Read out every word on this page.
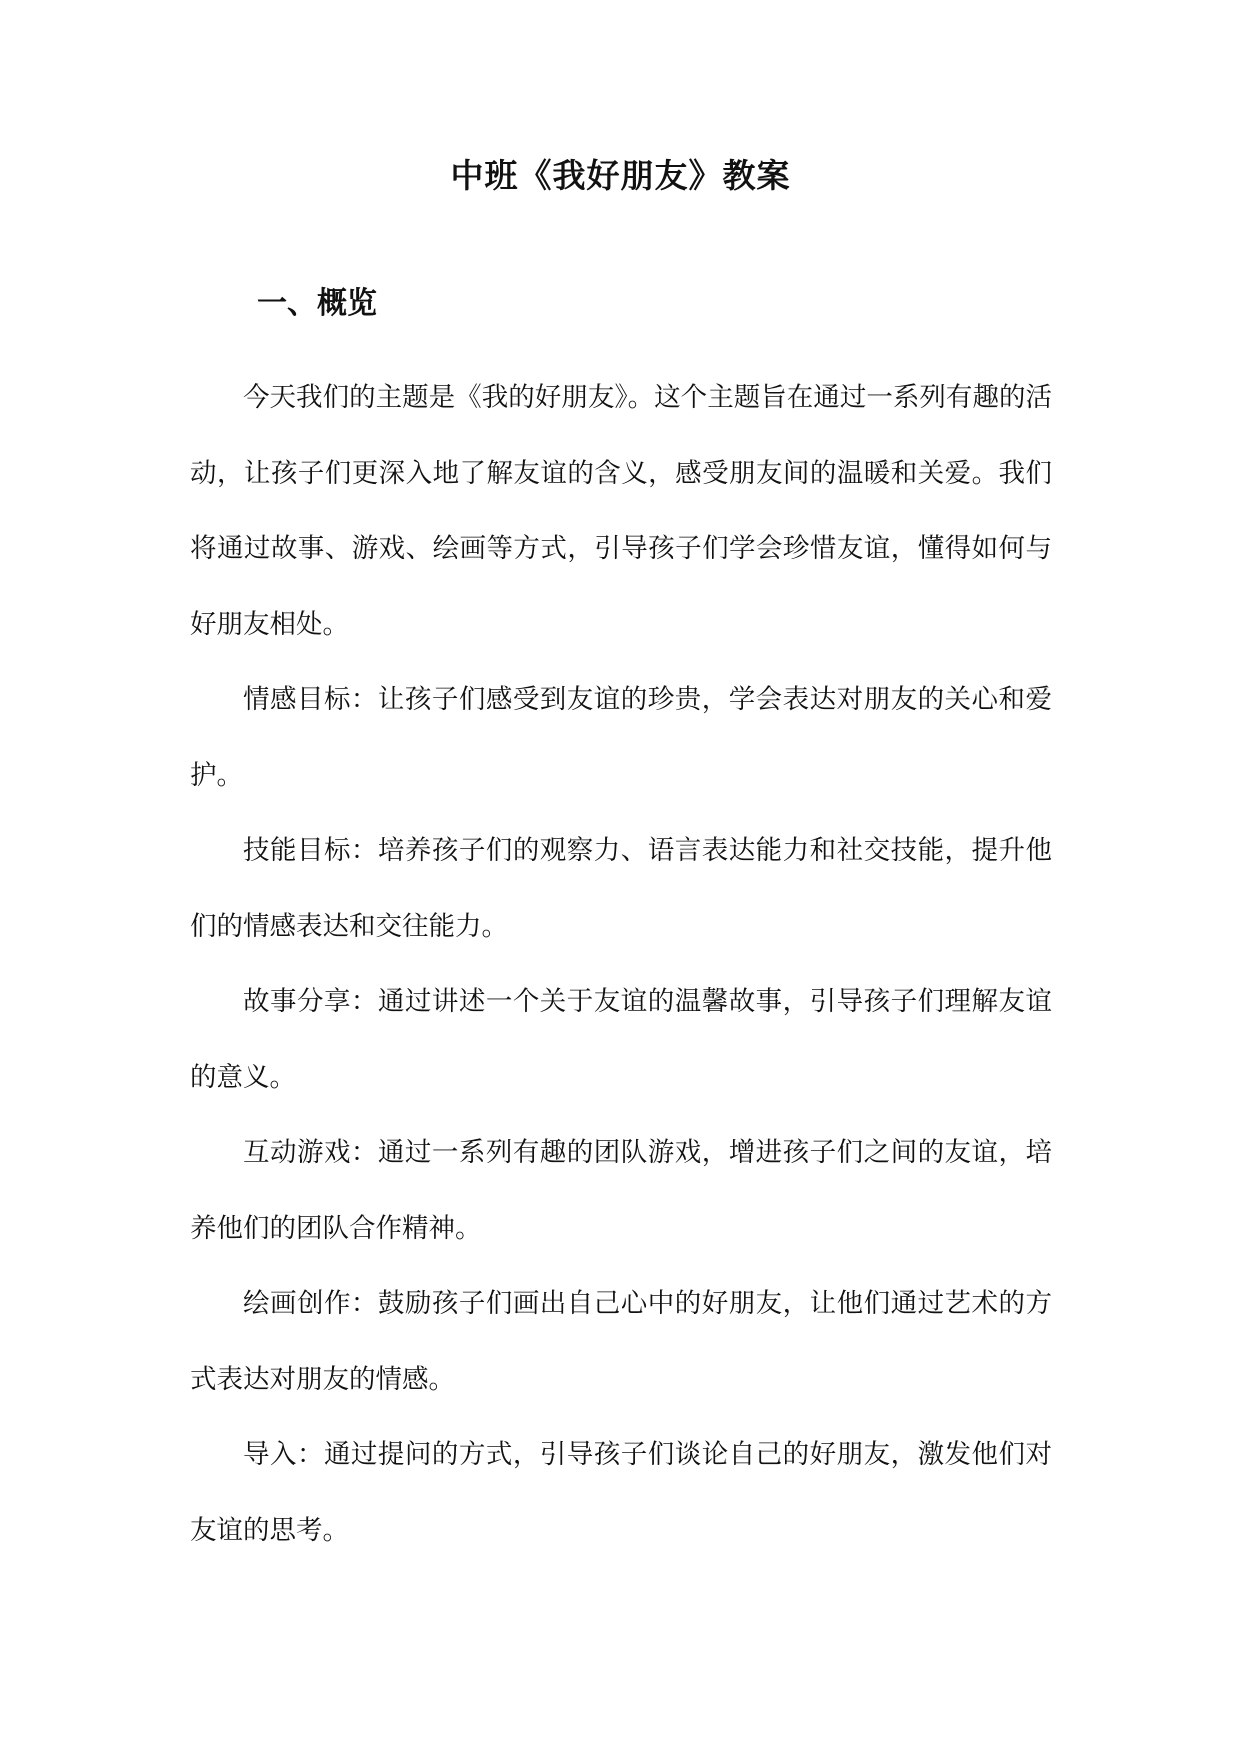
中班《我好朋友》教案
一、概览

今天我们的主题是《我的好朋友》。这个主题旨在通过一系列有趣的活动，让孩子们更深入地了解友谊的含义，感受朋友间的温暖和关爱。我们将通过故事、游戏、绘画等方式，引导孩子们学会珍惜友谊，懂得如何与好朋友相处。

情感目标：让孩子们感受到友谊的珍贵，学会表达对朋友的关心和爱护。

技能目标：培养孩子们的观察力、语言表达能力和社交技能，提升他们的情感表达和交往能力。

故事分享：通过讲述一个关于友谊的温馨故事，引导孩子们理解友谊的意义。

互动游戏：通过一系列有趣的团队游戏，增进孩子们之间的友谊，培养他们的团队合作精神。

绘画创作：鼓励孩子们画出自己心中的好朋友，让他们通过艺术的方式表达对朋友的情感。

导入：通过提问的方式，引导孩子们谈论自己的好朋友，激发他们对友谊的思考。
